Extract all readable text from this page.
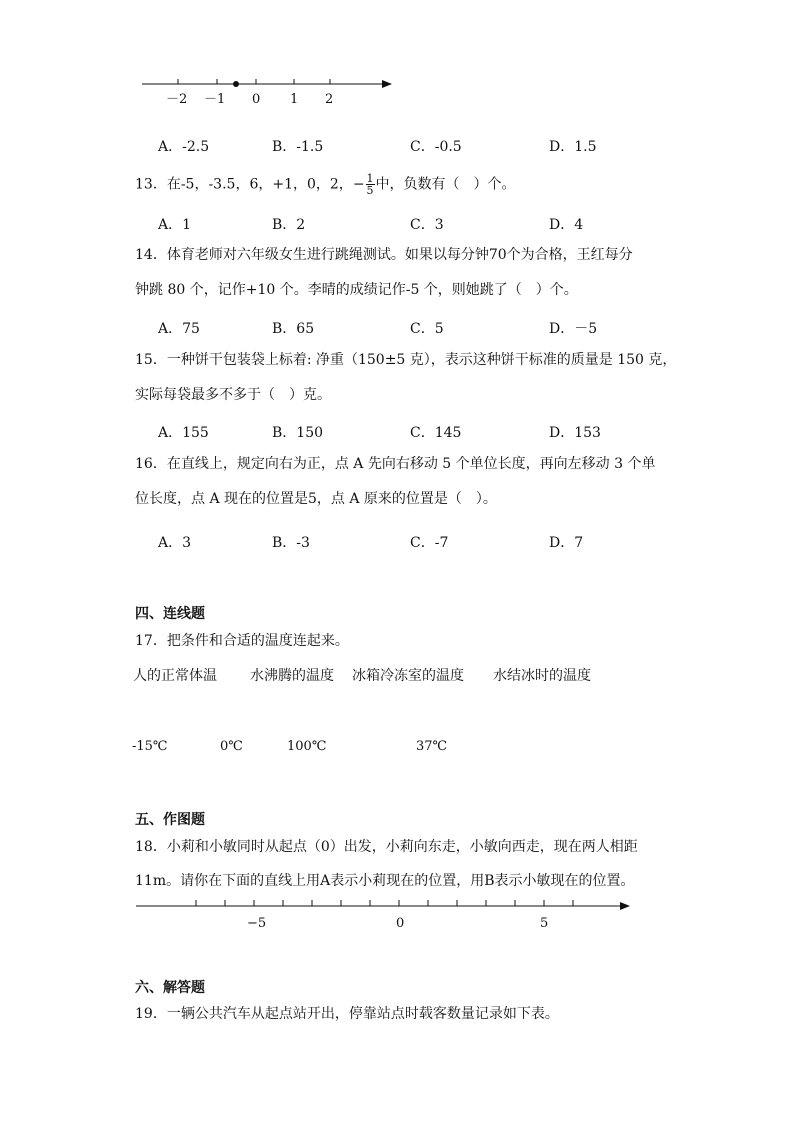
－2 －1 0 1 2
A．-2.5	B．-1.5	C．-0.5	D．1.5
13．在-5，-3.5，6，+1，0，2，− $\frac{1}{5}$ 中，负数有（　）个。
A．1	B．2	C．3	D．4
14．体育老师对六年级女生进行跳绳测试。如果以每分钟70个为合格，王红每分
钟跳 80 个，记作+10 个。李晴的成绩记作-5 个，则她跳了（　）个。
A．75	B．65	C．5	D．－5
15．一种饼干包装袋上标着: 净重（150±5 克），表示这种饼干标准的质量是 150 克，
实际每袋最多不多于（　）克。
A．155	B．150	C．145	D．153
16．在直线上，规定向右为正，点 A 先向右移动 5 个单位长度，再向左移动 3 个单
位长度，点 A 现在的位置是5，点 A 原来的位置是（　）。
A．3	B．-3	C．-7	D．7
四、连线题
17．把条件和合适的温度连起来。
人的正常体温 水沸腾的温度 冰箱冷冻室的温度 水结冰时的温度
-15℃	0℃	100℃	37℃
五、作图题
18．小莉和小敏同时从起点（0）出发，小莉向东走，小敏向西走，现在两人相距
11m。请你在下面的直线上用A表示小莉现在的位置，用B表示小敏现在的位置。
−5	0	5
六、解答题
19．一辆公共汽车从起点站开出，停靠站点时载客数量记录如下表。
